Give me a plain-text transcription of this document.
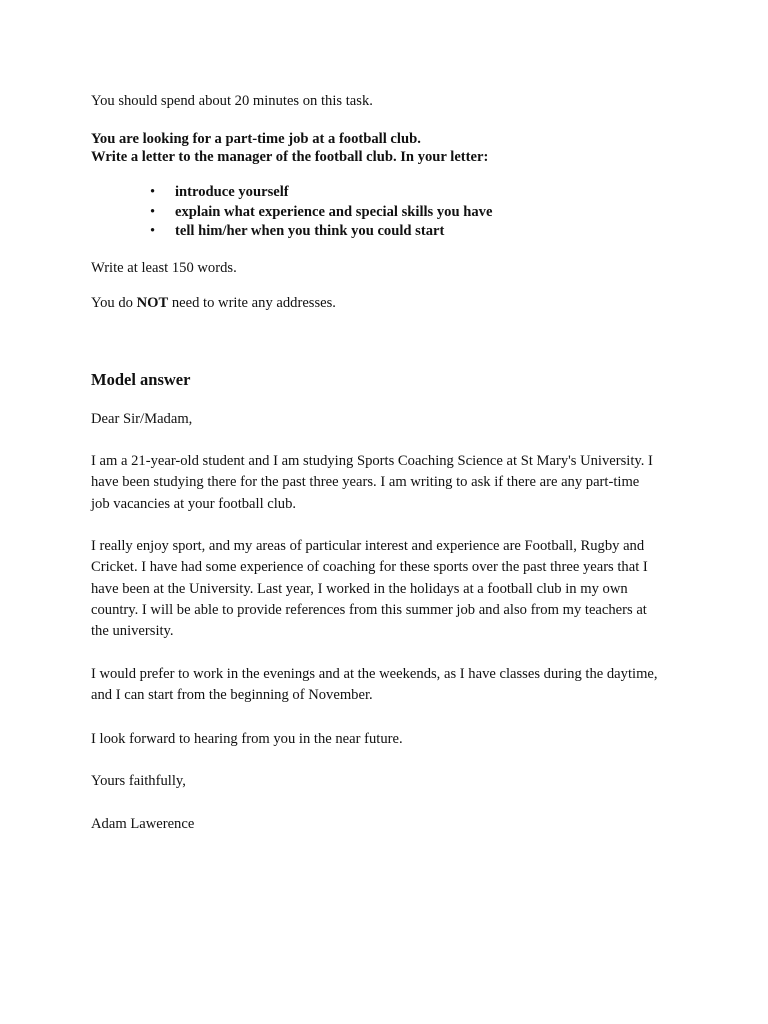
You should spend about 20 minutes on this task.
You are looking for a part-time job at a football club.
Write a letter to the manager of the football club. In your letter:
• introduce yourself
• explain what experience and special skills you have
• tell him/her when you think you could start
Write at least 150 words.
You do NOT need to write any addresses.
Model answer
Dear Sir/Madam,
I am a 21-year-old student and I am studying Sports Coaching Science at St Mary's University. I
have been studying there for the past three years. I am writing to ask if there are any part-time
job vacancies at your football club.
I really enjoy sport, and my areas of particular interest and experience are Football, Rugby and
Cricket. I have had some experience of coaching for these sports over the past three years that I
have been at the University. Last year, I worked in the holidays at a football club in my own
country. I will be able to provide references from this summer job and also from my teachers at
the university.
I would prefer to work in the evenings and at the weekends, as I have classes during the daytime,
and I can start from the beginning of November.
I look forward to hearing from you in the near future.
Yours faithfully,
Adam Lawerence
